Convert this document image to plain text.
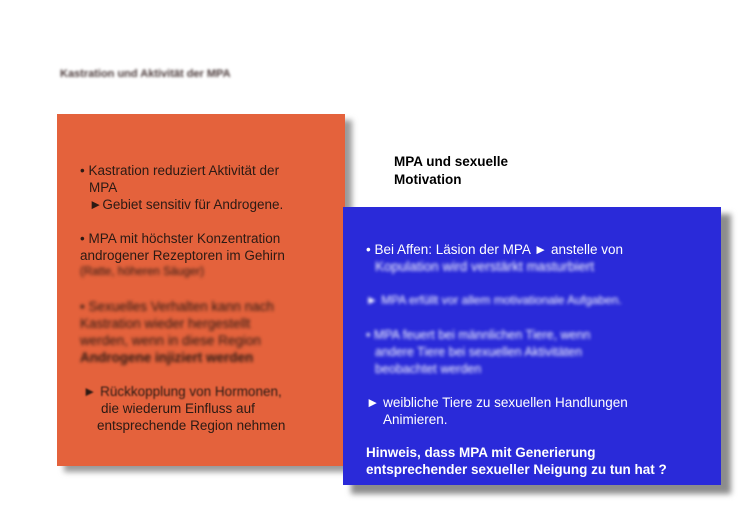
Kastration und Aktivität der MPA
• Kastration reduziert Aktivität der
MPA
►Gebiet sensitiv für Androgene.
• MPA mit höchster Konzentration
androgener Rezeptoren im Gehirn
(Ratte, höheren Säuger)
• Sexuelles Verhalten kann nach
Kastration wieder hergestellt
werden, wenn in diese Region
Androgene injiziert werden
► Rückkopplung von Hormonen,
die wiederum Einfluss auf
entsprechende Region nehmen
MPA und sexuelle
Motivation
• Bei Affen: Läsion der MPA ► anstelle von
Kopulation wird verstärkt masturbiert
► MPA erfüllt vor allem motivationale Aufgaben.
• MPA feuert bei männlichen Tiere, wenn
andere Tiere bei sexuellen Aktivitäten
beobachtet werden
► weibliche Tiere zu sexuellen Handlungen
Animieren.
Hinweis, dass MPA mit Generierung
entsprechender sexueller Neigung zu tun hat ?
